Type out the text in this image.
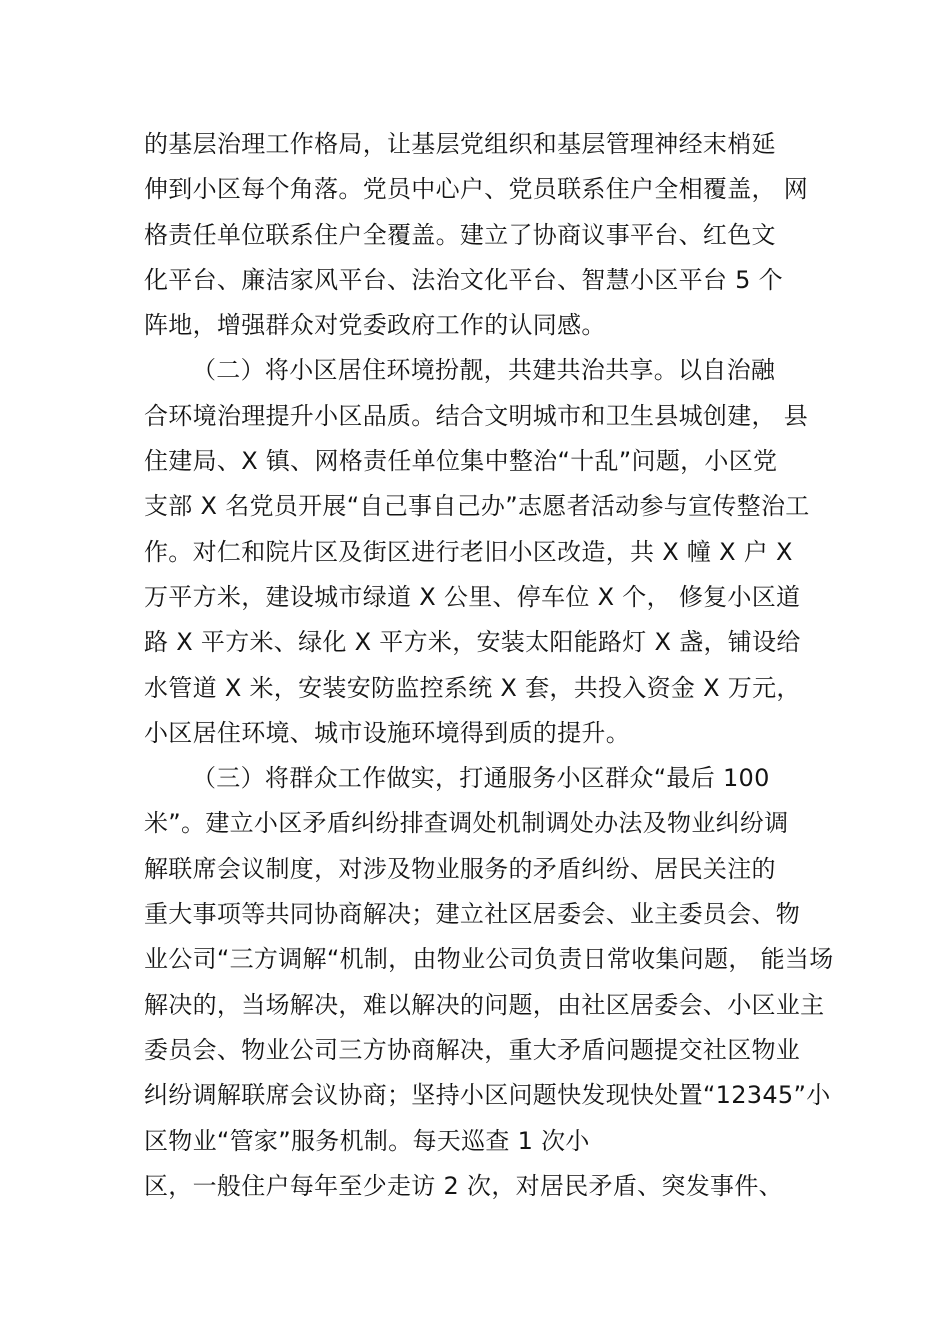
的基层治理工作格局，让基层党组织和基层管理神经末梢延
伸到小区每个角落。党员中心户、党员联系住户全相覆盖， 网
格责任单位联系住户全覆盖。建立了协商议事平台、红色文
化平台、廉洁家风平台、法治文化平台、智慧小区平台 5 个
阵地，增强群众对党委政府工作的认同感。
（二）将小区居住环境扮靓，共建共治共享。以自治融
合环境治理提升小区品质。结合文明城市和卫生县城创建， 县
住建局、X 镇、网格责任单位集中整治“十乱”问题，小区党
支部 X 名党员开展“自己事自己办”志愿者活动参与宣传整治工
作。对仁和院片区及街区进行老旧小区改造，共 X 幢 X 户 X
万平方米，建设城市绿道 X 公里、停车位 X 个， 修复小区道
路 X 平方米、绿化 X 平方米，安装太阳能路灯 X 盏，铺设给
水管道 X 米，安装安防监控系统 X 套，共投入资金 X 万元，
小区居住环境、城市设施环境得到质的提升。
（三）将群众工作做实，打通服务小区群众“最后 100
米”。建立小区矛盾纠纷排查调处机制调处办法及物业纠纷调
解联席会议制度，对涉及物业服务的矛盾纠纷、居民关注的
重大事项等共同协商解决；建立社区居委会、业主委员会、物
业公司“三方调解“机制，由物业公司负责日常收集问题， 能当场
解决的，当场解决，难以解决的问题，由社区居委会、小区业主
委员会、物业公司三方协商解决，重大矛盾问题提交社区物业
纠纷调解联席会议协商；坚持小区问题快发现快处置“12345”小
区物业“管家”服务机制。每天巡查 1 次小
区，一般住户每年至少走访 2 次，对居民矛盾、突发事件、
